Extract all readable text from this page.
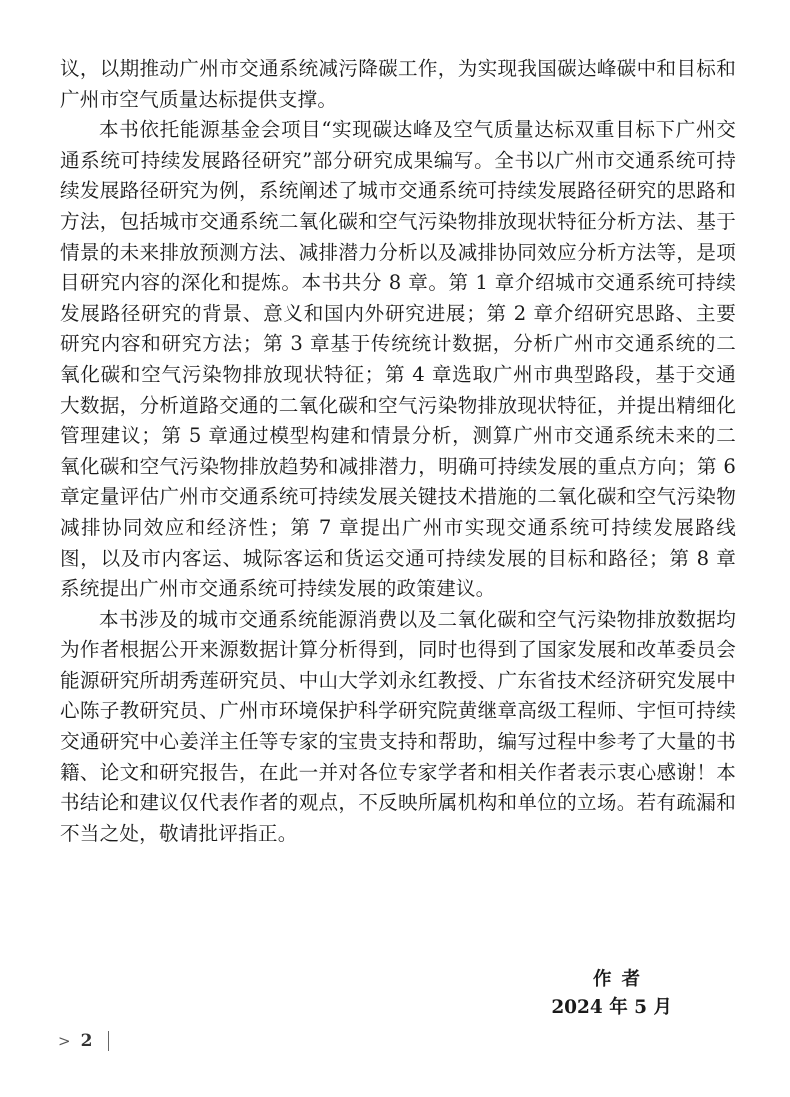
议，以期推动广州市交通系统减污降碳工作，为实现我国碳达峰碳中和目标和广州市空气质量达标提供支撑。

本书依托能源基金会项目“实现碳达峰及空气质量达标双重目标下广州交通系统可持续发展路径研究”部分研究成果编写。全书以广州市交通系统可持续发展路径研究为例，系统阐述了城市交通系统可持续发展路径研究的思路和方法，包括城市交通系统二氧化碳和空气污染物排放现状特征分析方法、基于情景的未来排放预测方法、减排潜力分析以及减排协同效应分析方法等，是项目研究内容的深化和提炼。本书共分 8 章。第 1 章介绍城市交通系统可持续发展路径研究的背景、意义和国内外研究进展；第 2 章介绍研究思路、主要研究内容和研究方法；第 3 章基于传统统计数据，分析广州市交通系统的二氧化碳和空气污染物排放现状特征；第 4 章选取广州市典型路段，基于交通大数据，分析道路交通的二氧化碳和空气污染物排放现状特征，并提出精细化管理建议；第 5 章通过模型构建和情景分析，测算广州市交通系统未来的二氧化碳和空气污染物排放趋势和减排潜力，明确可持续发展的重点方向；第 6 章定量评估广州市交通系统可持续发展关键技术措施的二氧化碳和空气污染物减排协同效应和经济性；第 7 章提出广州市实现交通系统可持续发展路线图，以及市内客运、城际客运和货运交通可持续发展的目标和路径；第 8 章系统提出广州市交通系统可持续发展的政策建议。

本书涉及的城市交通系统能源消费以及二氧化碳和空气污染物排放数据均为作者根据公开来源数据计算分析得到，同时也得到了国家发展和改革委员会能源研究所胡秀莲研究员、中山大学刘永红教授、广东省技术经济研究发展中心陈子教研究员、广州市环境保护科学研究院黄继章高级工程师、宇恒可持续交通研究中心姜洋主任等专家的宝贵支持和帮助，编写过程中参考了大量的书籍、论文和研究报告，在此一并对各位专家学者和相关作者表示衷心感谢！本书结论和建议仅代表作者的观点，不反映所属机构和单位的立场。若有疏漏和不当之处，敬请批评指正。

作者
2024 年 5 月
> 2
